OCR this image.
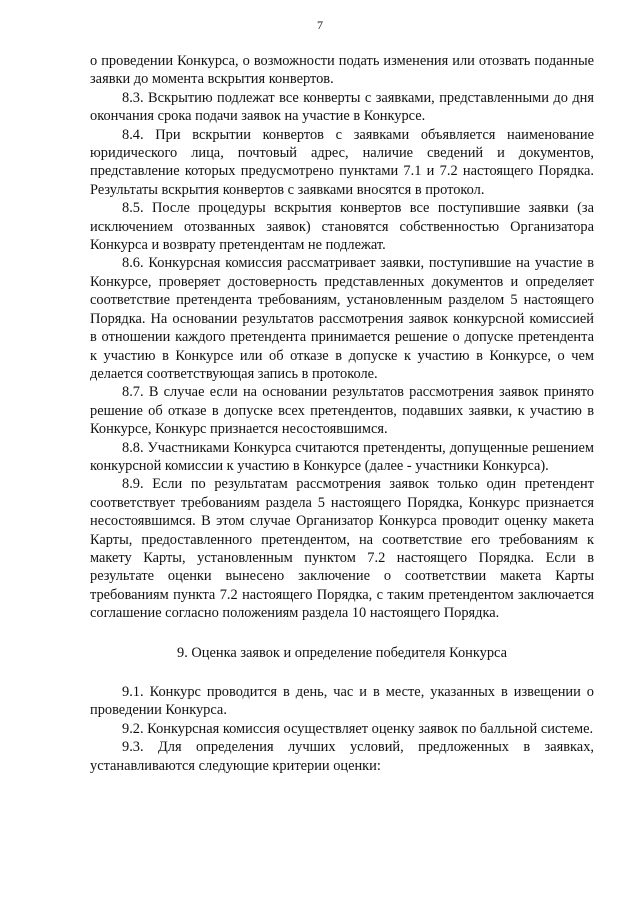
7

о проведении Конкурса, о возможности подать изменения или отозвать поданные заявки до момента вскрытия конвертов.

8.3. Вскрытию подлежат все конверты с заявками, представленными до дня окончания срока подачи заявок на участие в Конкурсе.

8.4. При вскрытии конвертов с заявками объявляется наименование юридического лица, почтовый адрес, наличие сведений и документов, представление которых предусмотрено пунктами 7.1 и 7.2 настоящего Порядка. Результаты вскрытия конвертов с заявками вносятся в протокол.

8.5. После процедуры вскрытия конвертов все поступившие заявки (за исключением отозванных заявок) становятся собственностью Организатора Конкурса и возврату претендентам не подлежат.

8.6. Конкурсная комиссия рассматривает заявки, поступившие на участие в Конкурсе, проверяет достоверность представленных документов и определяет соответствие претендента требованиям, установленным разделом 5 настоящего Порядка. На основании результатов рассмотрения заявок конкурсной комиссией в отношении каждого претендента принимается решение о допуске претендента к участию в Конкурсе или об отказе в допуске к участию в Конкурсе, о чем делается соответствующая запись в протоколе.

8.7. В случае если на основании результатов рассмотрения заявок принято решение об отказе в допуске всех претендентов, подавших заявки, к участию в Конкурсе, Конкурс признается несостоявшимся.

8.8. Участниками Конкурса считаются претенденты, допущенные решением конкурсной комиссии к участию в Конкурсе (далее - участники Конкурса).

8.9. Если по результатам рассмотрения заявок только один претендент соответствует требованиям раздела 5 настоящего Порядка, Конкурс признается несостоявшимся. В этом случае Организатор Конкурса проводит оценку макета Карты, предоставленного претендентом, на соответствие его требованиям к макету Карты, установленным пунктом 7.2 настоящего Порядка. Если в результате оценки вынесено заключение о соответствии макета Карты требованиям пункта 7.2 настоящего Порядка, с таким претендентом заключается соглашение согласно положениям раздела 10 настоящего Порядка.

9. Оценка заявок и определение победителя Конкурса

9.1. Конкурс проводится в день, час и в месте, указанных в извещении о проведении Конкурса.

9.2. Конкурсная комиссия осуществляет оценку заявок по балльной системе.

9.3. Для определения лучших условий, предложенных в заявках, устанавливаются следующие критерии оценки:
